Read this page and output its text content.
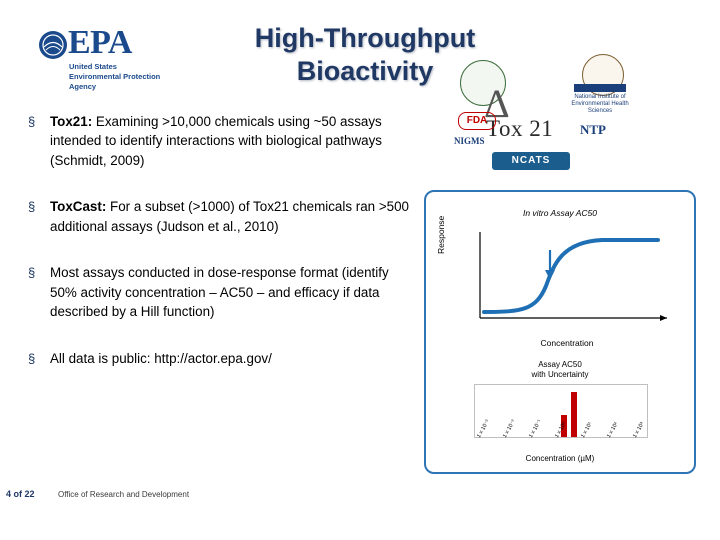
High-Throughput
Bioactivity
EPA
United States
Environmental Protection
Agency	Δ
Tox 21
NCATS
FDA
National Institute of
Environmental Health Sciences
NTP
NIGMS
§	Tox21: Examining >10,000 chemicals using ~50 assays intended to identify interactions with biological pathways (Schmidt, 2009)
§	ToxCast: For a subset (>1000) of Tox21 chemicals ran >500 additional assays (Judson et al., 2010)
§	Most assays conducted in dose-response format (identify 50% activity concentration – AC50 – and efficacy if data described by a Hill function)
§	All data is public: http://actor.epa.gov/
In vitro Assay AC50
Response
Concentration
Assay AC50
with Uncertainty
1 x 10⁻³ 1 x 10⁻² 1 x 10⁻¹ 1 x 10⁰ 1 x 10¹ 1 x 10² 1 x 10³
Concentration (µM)
4 of 22	Office of Research and Development
